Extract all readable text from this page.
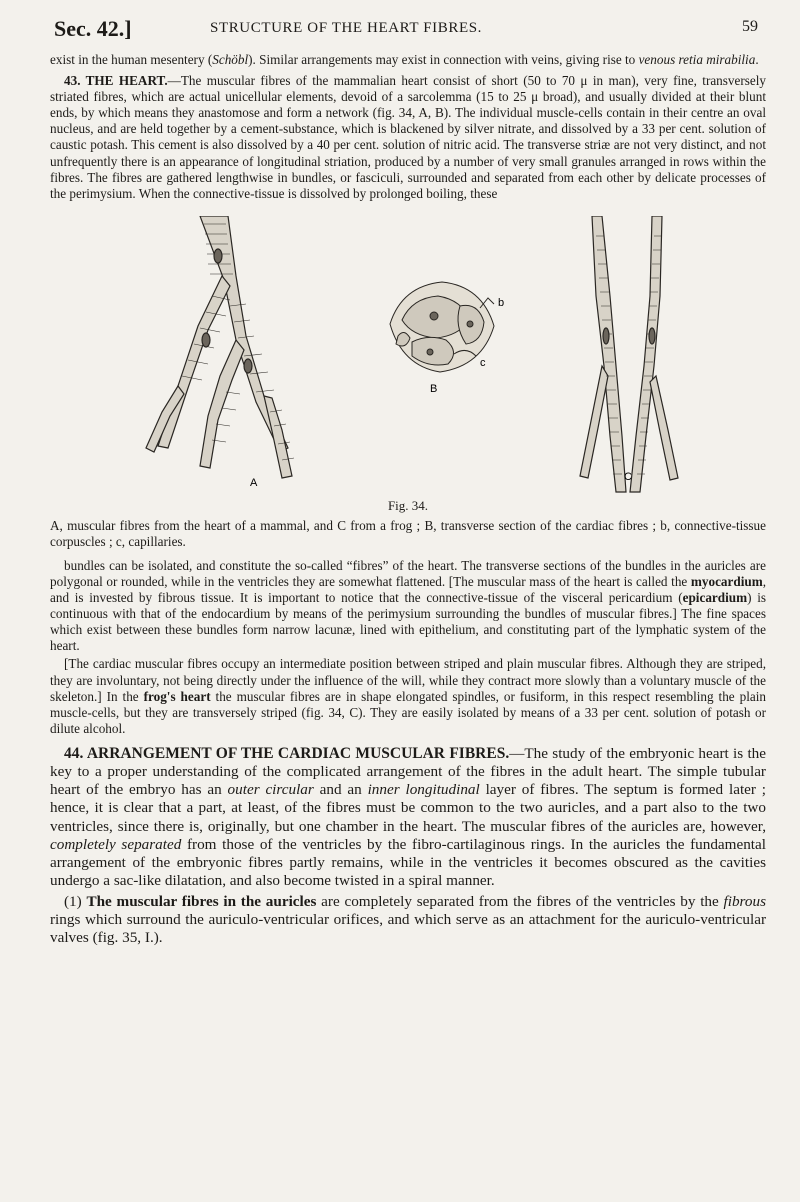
Sec. 42.]	STRUCTURE OF THE HEART FIBRES.	59

exist in the human mesentery (Schöbl). Similar arrangements may exist in connection with veins, giving rise to venous retia mirabilia.

43. THE HEART.—The muscular fibres of the mammalian heart consist of short (50 to 70 μ in man), very fine, transversely striated fibres, which are actual unicellular elements, devoid of a sarcolemma (15 to 25 μ broad), and usually divided at their blunt ends, by which means they anastomose and form a network (fig. 34, A, B). The individual muscle-cells contain in their centre an oval nucleus, and are held together by a cement-substance, which is blackened by silver nitrate, and dissolved by a 33 per cent. solution of caustic potash. This cement is also dissolved by a 40 per cent. solution of nitric acid. The transverse striæ are not very distinct, and not unfrequently there is an appearance of longitudinal striation, produced by a number of very small granules arranged in rows within the fibres. The fibres are gathered lengthwise in bundles, or fasciculi, surrounded and separated from each other by delicate processes of the perimysium. When the connective-tissue is dissolved by prolonged boiling, these

A
B
b
c
C
Fig. 34.

A, muscular fibres from the heart of a mammal, and C from a frog ; B, transverse section of the cardiac fibres ; b, connective-tissue corpuscles ; c, capillaries.

bundles can be isolated, and constitute the so-called “fibres” of the heart. The transverse sections of the bundles in the auricles are polygonal or rounded, while in the ventricles they are somewhat flattened. [The muscular mass of the heart is called the myocardium, and is invested by fibrous tissue. It is important to notice that the connective-tissue of the visceral pericardium (epicardium) is continuous with that of the endocardium by means of the perimysium surrounding the bundles of muscular fibres.] The fine spaces which exist between these bundles form narrow lacunæ, lined with epithelium, and constituting part of the lymphatic system of the heart.

[The cardiac muscular fibres occupy an intermediate position between striped and plain muscular fibres. Although they are striped, they are involuntary, not being directly under the influence of the will, while they contract more slowly than a voluntary muscle of the skeleton.] In the frog's heart the muscular fibres are in shape elongated spindles, or fusiform, in this respect resembling the plain muscle-cells, but they are transversely striped (fig. 34, C). They are easily isolated by means of a 33 per cent. solution of potash or dilute alcohol.

44. ARRANGEMENT OF THE CARDIAC MUSCULAR FIBRES.—The study of the embryonic heart is the key to a proper understanding of the complicated arrangement of the fibres in the adult heart. The simple tubular heart of the embryo has an outer circular and an inner longitudinal layer of fibres. The septum is formed later ; hence, it is clear that a part, at least, of the fibres must be common to the two auricles, and a part also to the two ventricles, since there is, originally, but one chamber in the heart. The muscular fibres of the auricles are, however, completely separated from those of the ventricles by the fibro-cartilaginous rings. In the auricles the fundamental arrangement of the embryonic fibres partly remains, while in the ventricles it becomes obscured as the cavities undergo a sac-like dilatation, and also become twisted in a spiral manner.

(1) The muscular fibres in the auricles are completely separated from the fibres of the ventricles by the fibrous rings which surround the auriculo-ventricular orifices, and which serve as an attachment for the auriculo-ventricular valves (fig. 35, I.).
